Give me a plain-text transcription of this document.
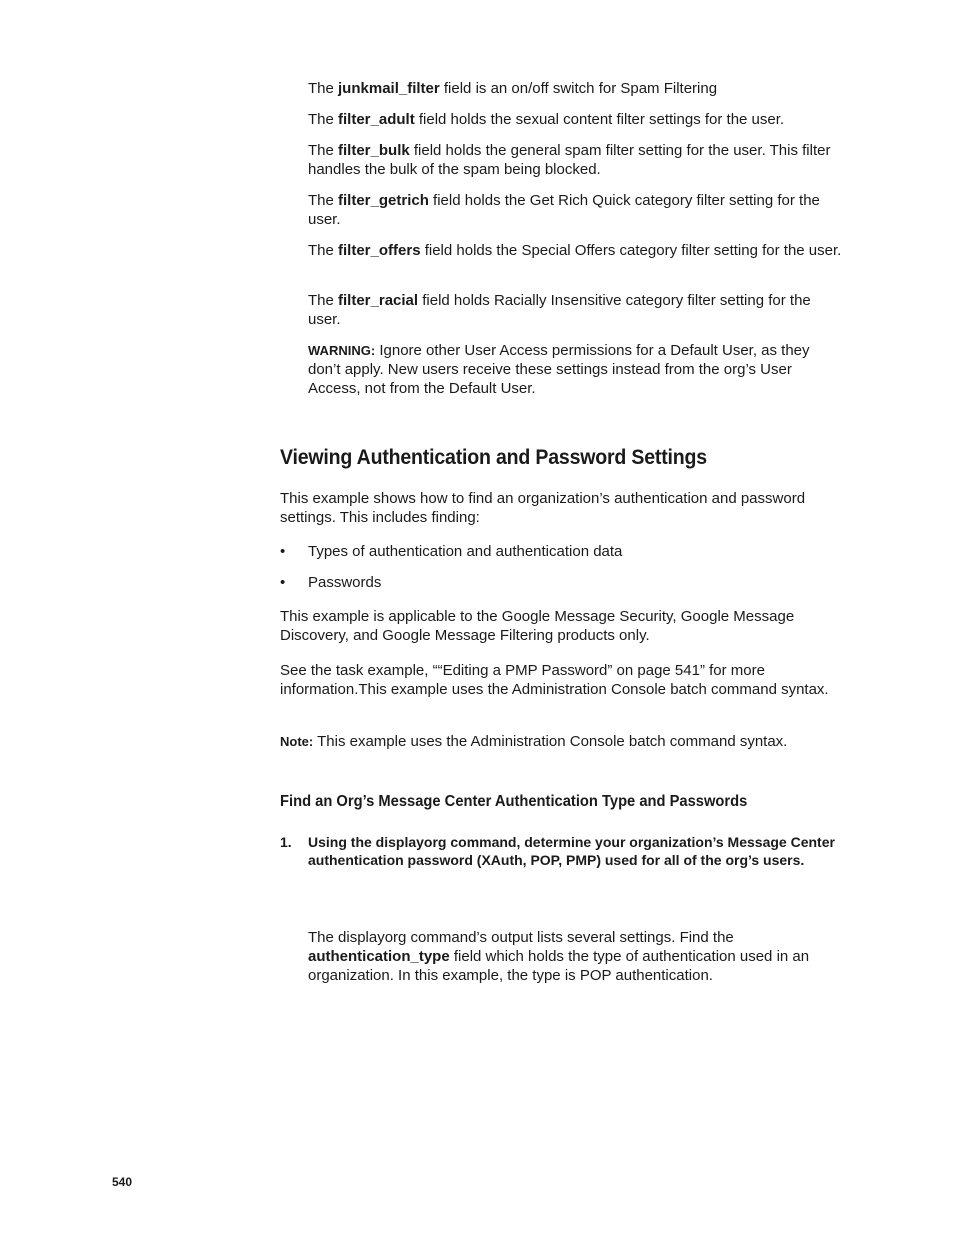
The junkmail_filter field is an on/off switch for Spam Filtering

The filter_adult field holds the sexual content filter settings for the user.

The filter_bulk field holds the general spam filter setting for the user. This filter handles the bulk of the spam being blocked.

The filter_getrich field holds the Get Rich Quick category filter setting for the user.

The filter_offers field holds the Special Offers category filter setting for the user.

The filter_racial field holds Racially Insensitive category filter setting for the user.

WARNING: Ignore other User Access permissions for a Default User, as they don’t apply. New users receive these settings instead from the org’s User Access, not from the Default User.

Viewing Authentication and Password Settings

This example shows how to find an organization’s authentication and password settings. This includes finding:

• Types of authentication and authentication data
• Passwords

This example is applicable to the Google Message Security, Google Message Discovery, and Google Message Filtering products only.

See the task example, ““Editing a PMP Password” on page 541” for more information.This example uses the Administration Console batch command syntax.

Note: This example uses the Administration Console batch command syntax.

Find an Org’s Message Center Authentication Type and Passwords
1. Using the displayorg command, determine your organization’s Message Center authentication password (XAuth, POP, PMP) used for all of the org’s users.

The displayorg command’s output lists several settings. Find the authentication_type field which holds the type of authentication used in an organization. In this example, the type is POP authentication.

540
